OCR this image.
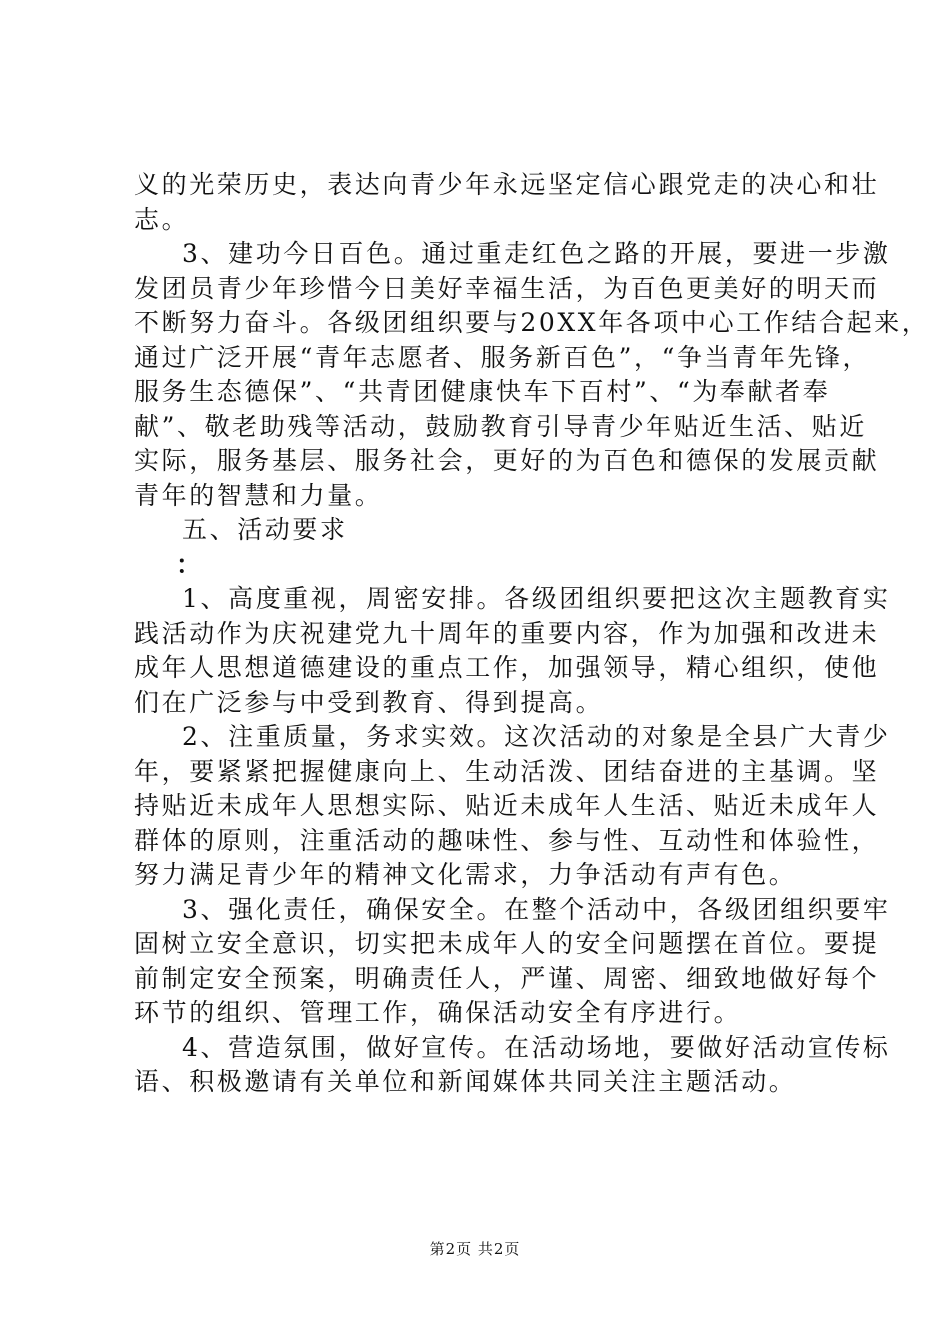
义的光荣历史，表达向青少年永远坚定信心跟党走的决心和壮
志。
3、建功今日百色。通过重走红色之路的开展，要进一步激
发团员青少年珍惜今日美好幸福生活，为百色更美好的明天而
不断努力奋斗。各级团组织要与20XX年各项中心工作结合起来，
通过广泛开展“青年志愿者、服务新百色”，“争当青年先锋，
服务生态德保”、“共青团健康快车下百村”、“为奉献者奉
献”、敬老助残等活动，鼓励教育引导青少年贴近生活、贴近
实际，服务基层、服务社会，更好的为百色和德保的发展贡献
青年的智慧和力量。
五、活动要求
：
1、高度重视，周密安排。各级团组织要把这次主题教育实
践活动作为庆祝建党九十周年的重要内容，作为加强和改进未
成年人思想道德建设的重点工作，加强领导，精心组织，使他
们在广泛参与中受到教育、得到提高。
2、注重质量，务求实效。这次活动的对象是全县广大青少
年，要紧紧把握健康向上、生动活泼、团结奋进的主基调。坚
持贴近未成年人思想实际、贴近未成年人生活、贴近未成年人
群体的原则，注重活动的趣味性、参与性、互动性和体验性，
努力满足青少年的精神文化需求，力争活动有声有色。
3、强化责任，确保安全。在整个活动中，各级团组织要牢
固树立安全意识，切实把未成年人的安全问题摆在首位。要提
前制定安全预案，明确责任人，严谨、周密、细致地做好每个
环节的组织、管理工作，确保活动安全有序进行。
4、营造氛围，做好宣传。在活动场地，要做好活动宣传标
语、积极邀请有关单位和新闻媒体共同关注主题活动。
第2页 共2页
